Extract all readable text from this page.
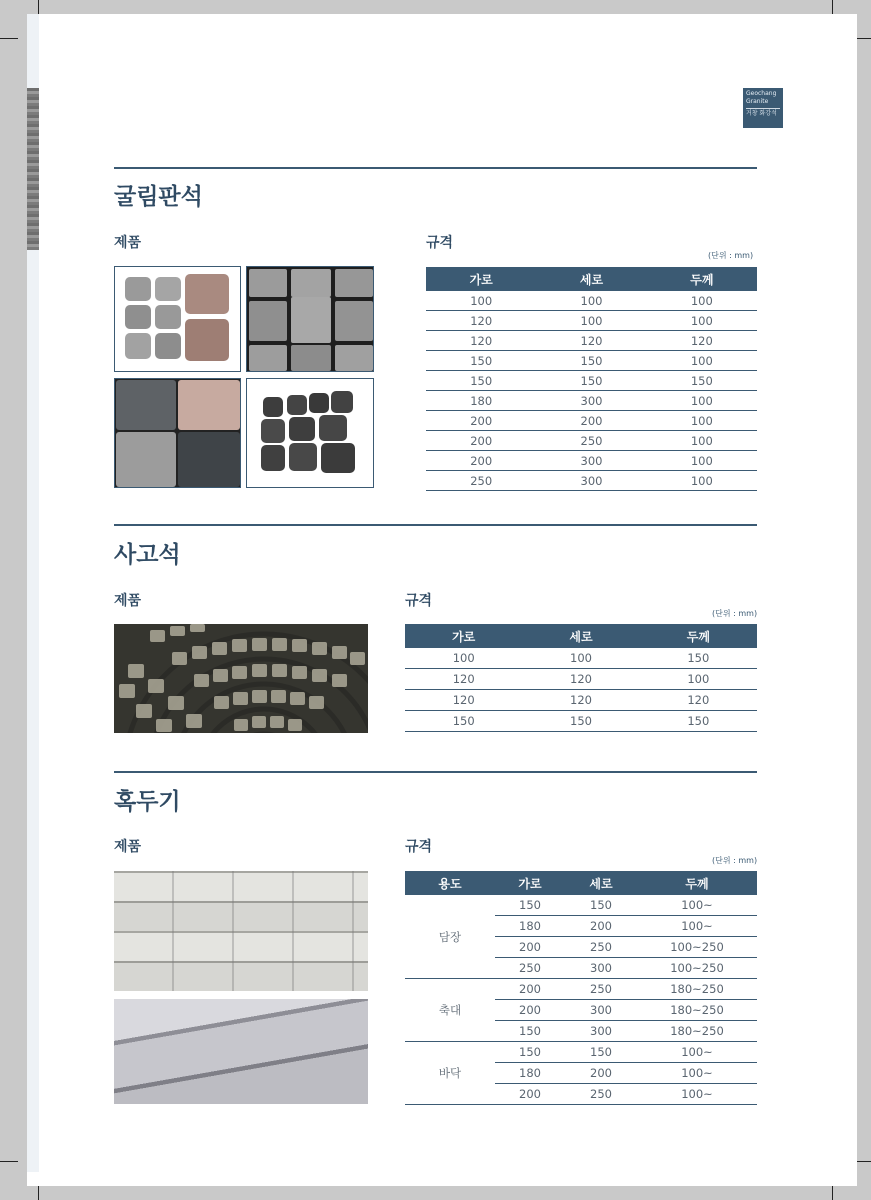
Geochang
Granite
거창 화강석
굴림판석
제품	규격
(단위 : mm)
가로	세로	두께
100	100	100
120	100	100
120	120	120
150	150	100
150	150	150
180	300	100
200	200	100
200	250	100
200	300	100
250	300	100
사고석
제품	규격
(단위 : mm)
가로	세로	두께
100	100	150
120	120	100
120	120	120
150	150	150
혹두기
제품	규격
(단위 : mm)
용도	가로	세로	두께
담장	150	150	100~
	180	200	100~
	200	250	100~250
	250	300	100~250
축대	200	250	180~250
	200	300	180~250
	150	300	180~250
바닥	150	150	100~
	180	200	100~
	200	250	100~
